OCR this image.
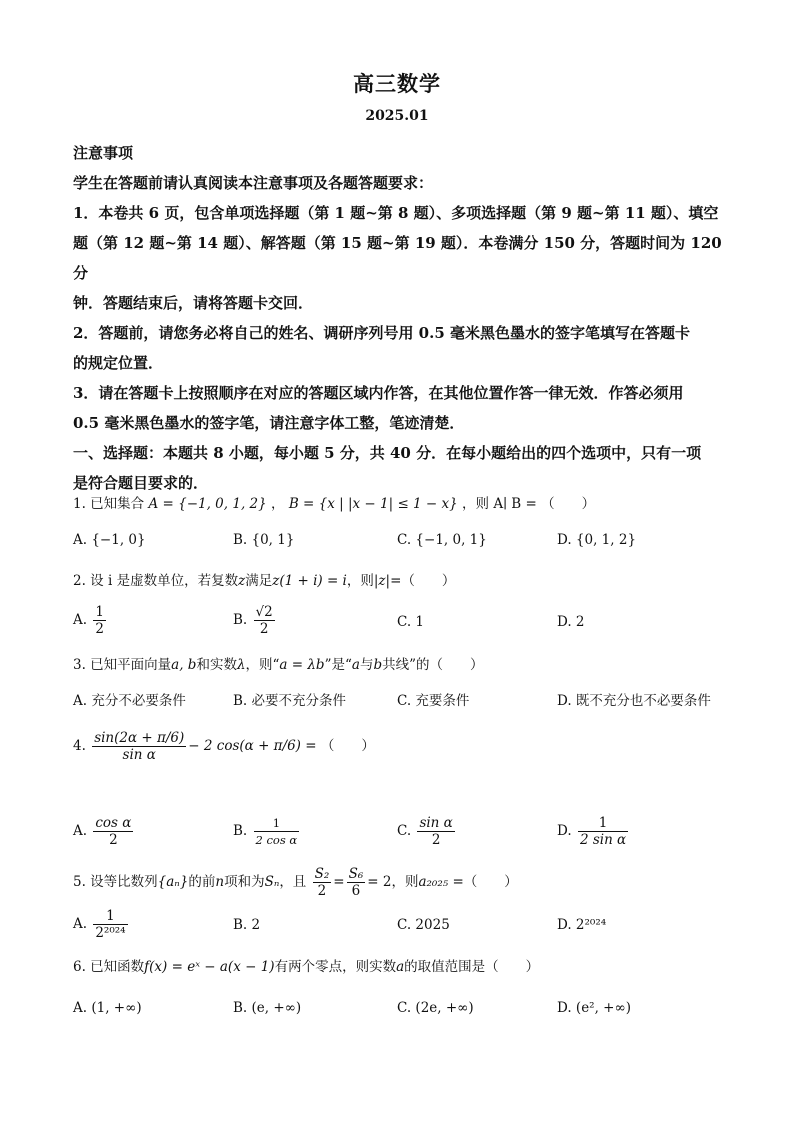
高三数学
2025.01

注意事项

学生在答题前请认真阅读本注意事项及各题答题要求：

1．本卷共 6 页，包含单项选择题（第 1 题~第 8 题）、多项选择题（第 9 题~第 11 题）、填空

题（第 12 题~第 14 题）、解答题（第 15 题~第 19 题）．本卷满分 150 分，答题时间为 120 分

钟．答题结束后，请将答题卡交回．

2．答题前，请您务必将自己的姓名、调研序列号用 0.5 毫米黑色墨水的签字笔填写在答题卡

的规定位置．

3．请在答题卡上按照顺序在对应的答题区域内作答，在其他位置作答一律无效．作答必须用

0.5 毫米黑色墨水的签字笔，请注意字体工整，笔迹清楚．

一、选择题：本题共 8 小题，每小题 5 分，共 40 分．在每小题给出的四个选项中，只有一项

是符合题目要求的．

1. 已知集合 A = {−1, 0, 1, 2} ， B = {x | |x − 1| ≤ 1 − x} ，则 A∣ B = （　　）
A. {−1, 0}	B. {0, 1}	C. {−1, 0, 1}	D. {0, 1, 2}
2. 设 i 是虚数单位，若复数z满足z(1 + i) = i，则|z|=（　　）
A. $\frac{1}{2}$	B. $\frac{√2}{2}$	C. 1	D. 2
3. 已知平面向量a, b和实数λ，则“a = λb”是“a与b共线”的（　　）
A. 充分不必要条件	B. 必要不充分条件	C. 充要条件	D. 既不充分也不必要条件
4. $\frac{\sin(2\alpha + \pi/6)}{\text{sin α}} - 2$ cos(α + π/6) = （　　）
A. $\frac{\text{cos α}}{2}$	B. $\frac{1}{\text{2 cos α}}$	C. $\frac{\text{sin α}}{2}$	D. $\frac{1}{\text{2 sin α}}$
5. 设等比数列{aₙ}的前n项和为Sₙ，且 $\frac{\text{S₂}}{2} = \frac{\text{S₆}}{6} = 2$，则a₂₀₂₅ =（　　）
A. $\frac{1}{\text{2²⁰²⁴}}$	B. 2	C. 2025	D. 2²⁰²⁴
6. 已知函数f(x) = eˣ − a(x − 1)有两个零点，则实数a的取值范围是（　　）
A. (1, +∞)	B. (e, +∞)	C. (2e, +∞)	D. (e², +∞)
